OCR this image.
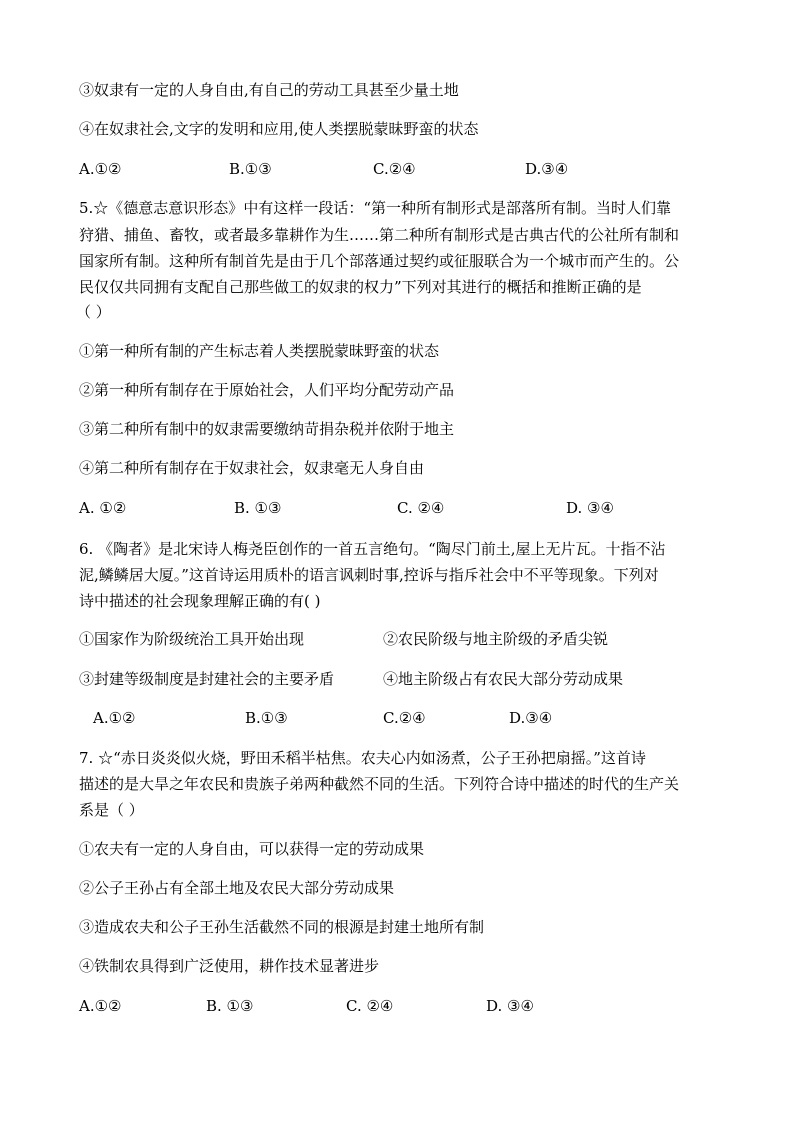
③奴隶有一定的人身自由,有自己的劳动工具甚至少量土地
④在奴隶社会,文字的发明和应用,使人类摆脱蒙昧野蛮的状态
A.①②	B.①③	C.②④	D.③④
5.☆《德意志意识形态》中有这样一段话：“第一种所有制形式是部落所有制。当时人们靠
狩猎、捕鱼、畜牧，或者最多靠耕作为生……第二种所有制形式是古典古代的公社所有制和
国家所有制。这种所有制首先是由于几个部落通过契约或征服联合为一个城市而产生的。公
民仅仅共同拥有支配自己那些做工的奴隶的权力”下列对其进行的概括和推断正确的是
（ ）
①第一种所有制的产生标志着人类摆脱蒙昧野蛮的状态
②第一种所有制存在于原始社会，人们平均分配劳动产品
③第二种所有制中的奴隶需要缴纳苛捐杂税并依附于地主
④第二种所有制存在于奴隶社会，奴隶毫无人身自由
A. ①②	B. ①③	C. ②④	D. ③④
6. 《陶者》是北宋诗人梅尧臣创作的一首五言绝句。“陶尽门前土,屋上无片瓦。十指不沾
泥,鳞鳞居大厦。”这首诗运用质朴的语言讽刺时事,控诉与指斥社会中不平等现象。下列对
诗中描述的社会现象理解正确的有( )
①国家作为阶级统治工具开始出现	②农民阶级与地主阶级的矛盾尖锐
③封建等级制度是封建社会的主要矛盾	④地主阶级占有农民大部分劳动成果
A.①②	B.①③	C.②④	D.③④
7. ☆“赤日炎炎似火烧，野田禾稻半枯焦。农夫心内如汤煮，公子王孙把扇摇。”这首诗
描述的是大旱之年农民和贵族子弟两种截然不同的生活。下列符合诗中描述的时代的生产关
系是（ ）
①农夫有一定的人身自由，可以获得一定的劳动成果
②公子王孙占有全部土地及农民大部分劳动成果
③造成农夫和公子王孙生活截然不同的根源是封建土地所有制
④铁制农具得到广泛使用，耕作技术显著进步
A.①②	B. ①③	C. ②④	D. ③④
